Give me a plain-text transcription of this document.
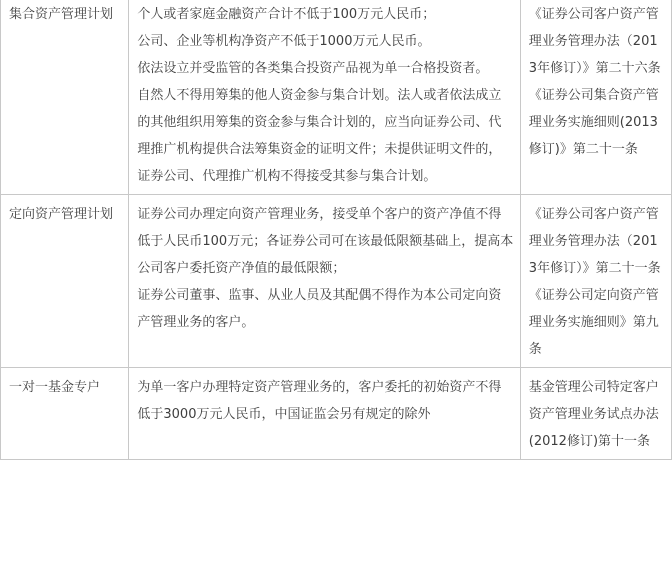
集合资产管理计划	个人或者家庭金融资产合计不低于100万元人民币；
公司、企业等机构净资产不低于1000万元人民币。
依法设立并受监管的各类集合投资产品视为单一合格投资者。
自然人不得用筹集的他人资金参与集合计划。法人或者依法成立的其他组织用筹集的资金参与集合计划的，应当向证券公司、代理推广机构提供合法筹集资金的证明文件；未提供证明文件的，证券公司、代理推广机构不得接受其参与集合计划。	《证券公司客户资产管理业务管理办法（2013年修订）》第二十六条
《证券公司集合资产管理业务实施细则(2013修订)》第二十一条

定向资产管理计划	证券公司办理定向资产管理业务，接受单个客户的资产净值不得低于人民币100万元；各证券公司可在该最低限额基础上，提高本公司客户委托资产净值的最低限额；
证券公司董事、监事、从业人员及其配偶不得作为本公司定向资产管理业务的客户。	《证券公司客户资产管理业务管理办法（2013年修订）》第二十一条
《证券公司定向资产管理业务实施细则》第九条

一对一基金专户	为单一客户办理特定资产管理业务的，客户委托的初始资产不得低于3000万元人民币，中国证监会另有规定的除外	基金管理公司特定客户资产管理业务试点办法(2012修订)第十一条
